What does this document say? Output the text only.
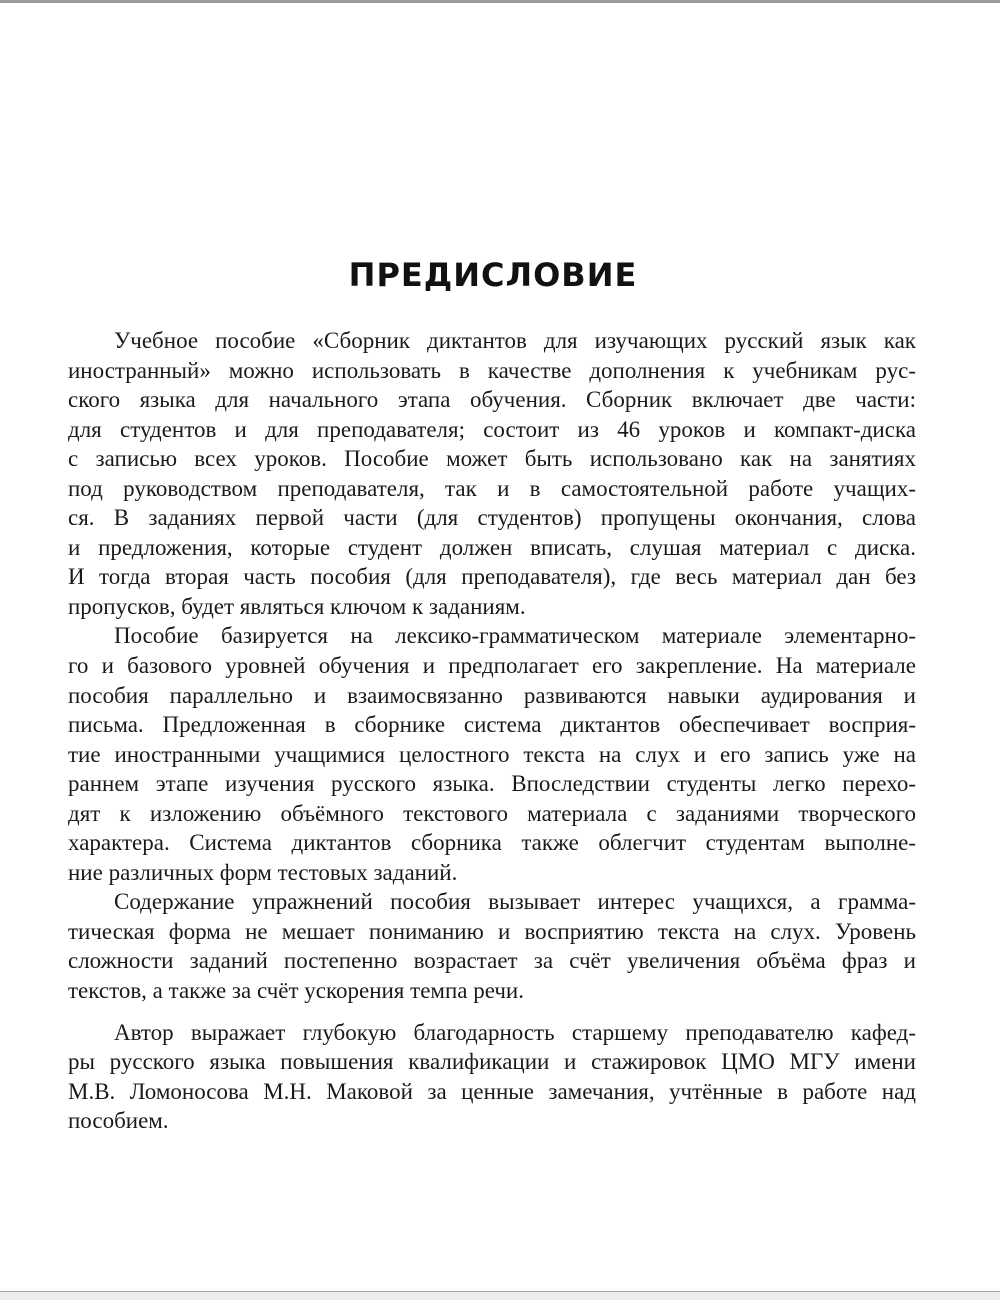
ПРЕДИСЛОВИЕ
Учебное пособие «Сборник диктантов для изучающих русский язык как
иностранный» можно использовать в качестве дополнения к учебникам рус-
ского языка для начального этапа обучения. Сборник включает две части:
для студентов и для преподавателя; состоит из 46 уроков и компакт-диска
с записью всех уроков. Пособие может быть использовано как на занятиях
под руководством преподавателя, так и в самостоятельной работе учащих-
ся. В заданиях первой части (для студентов) пропущены окончания, слова
и предложения, которые студент должен вписать, слушая материал с диска.
И тогда вторая часть пособия (для преподавателя), где весь материал дан без
пропусков, будет являться ключом к заданиям.
Пособие базируется на лексико-грамматическом материале элементарно-
го и базового уровней обучения и предполагает его закрепление. На материале
пособия параллельно и взаимосвязанно развиваются навыки аудирования и
письма. Предложенная в сборнике система диктантов обеспечивает восприя-
тие иностранными учащимися целостного текста на слух и его запись уже на
раннем этапе изучения русского языка. Впоследствии студенты легко перехо-
дят к изложению объёмного текстового материала с заданиями творческого
характера. Система диктантов сборника также облегчит студентам выполне-
ние различных форм тестовых заданий.
Содержание упражнений пособия вызывает интерес учащихся, а грамма-
тическая форма не мешает пониманию и восприятию текста на слух. Уровень
сложности заданий постепенно возрастает за счёт увеличения объёма фраз и
текстов, а также за счёт ускорения темпа речи.
Автор выражает глубокую благодарность старшему преподавателю кафед-
ры русского языка повышения квалификации и стажировок ЦМО МГУ имени
М.В. Ломоносова М.Н. Маковой за ценные замечания, учтённые в работе над
пособием.
